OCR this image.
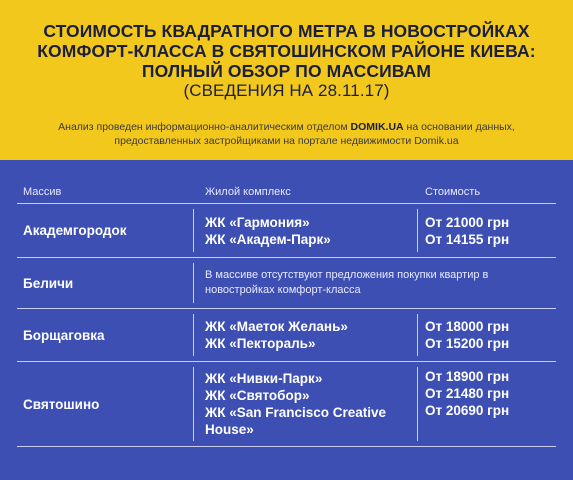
СТОИМОСТЬ КВАДРАТНОГО МЕТРА В НОВОСТРОЙКАХ
КОМФОРТ-КЛАССА В СВЯТОШИНСКОМ РАЙОНЕ КИЕВА:
ПОЛНЫЙ ОБЗОР ПО МАССИВАМ
(СВЕДЕНИЯ НА 28.11.17)
Анализ проведен информационно-аналитическим отделом DOMIK.UA на основании данных,
предоставленных застройщиками на портале недвижимости Domik.ua
Массив	Жилой комплекс	Стоимость
Академгородок
ЖК «Гармония»
ЖК «Академ-Парк»
От 21000 грн
От 14155 грн
Беличи
В массиве отсутствуют предложения покупки квартир в новостройках комфорт-класса
Борщаговка
ЖК «Маеток Желань»
ЖК «Пектораль»
От 18000 грн
От 15200 грн
Святошино
ЖК «Нивки-Парк»
ЖК «Святобор»
ЖК «San Francisco Creative House»
От 18900 грн
От 21480 грн
От 20690 грн
